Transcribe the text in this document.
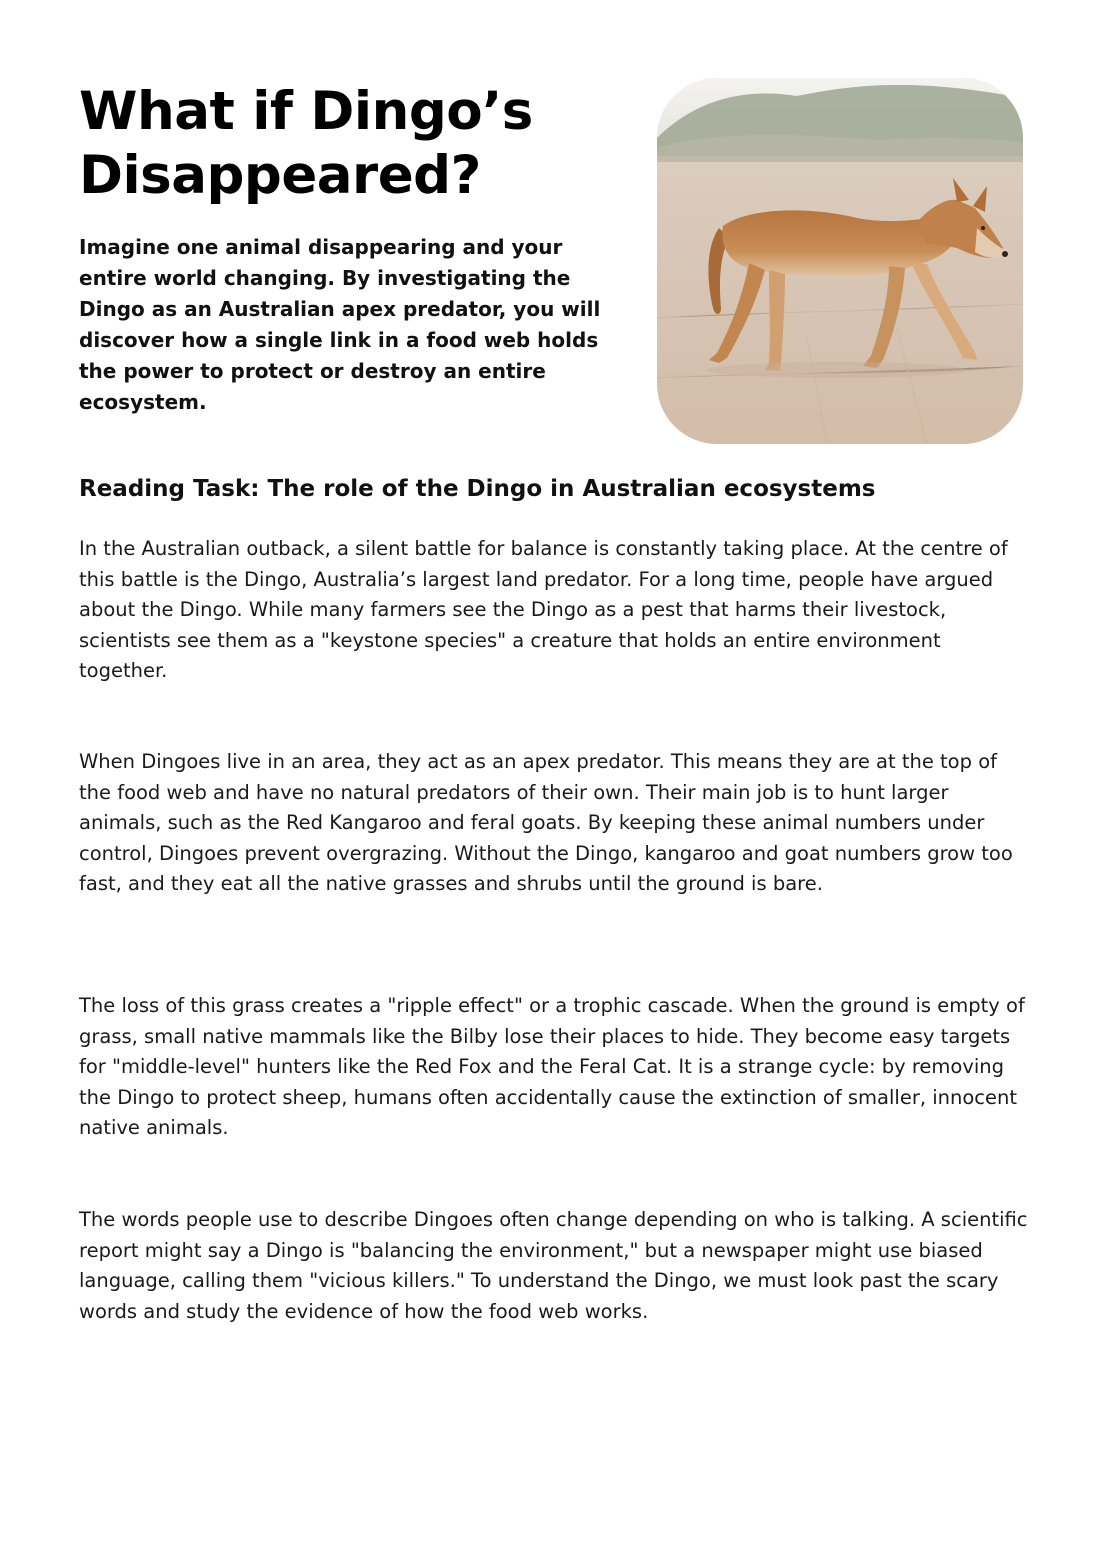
What if Dingo’s Disappeared?

Imagine one animal disappearing and your entire world changing. By investigating the Dingo as an Australian apex predator, you will discover how a single link in a food web holds the power to protect or destroy an entire ecosystem.

Reading Task: The role of the Dingo in Australian ecosystems

In the Australian outback, a silent battle for balance is constantly taking place. At the centre of this battle is the Dingo, Australia’s largest land predator. For a long time, people have argued about the Dingo. While many farmers see the Dingo as a pest that harms their livestock, scientists see them as a "keystone species" a creature that holds an entire environment together.

When Dingoes live in an area, they act as an apex predator. This means they are at the top of the food web and have no natural predators of their own. Their main job is to hunt larger animals, such as the Red Kangaroo and feral goats. By keeping these animal numbers under control, Dingoes prevent overgrazing. Without the Dingo, kangaroo and goat numbers grow too fast, and they eat all the native grasses and shrubs until the ground is bare.

The loss of this grass creates a "ripple effect" or a trophic cascade. When the ground is empty of grass, small native mammals like the Bilby lose their places to hide. They become easy targets for "middle-level" hunters like the Red Fox and the Feral Cat. It is a strange cycle: by removing the Dingo to protect sheep, humans often accidentally cause the extinction of smaller, innocent native animals.

The words people use to describe Dingoes often change depending on who is talking. A scientific report might say a Dingo is "balancing the environment," but a newspaper might use biased language, calling them "vicious killers." To understand the Dingo, we must look past the scary words and study the evidence of how the food web works.
